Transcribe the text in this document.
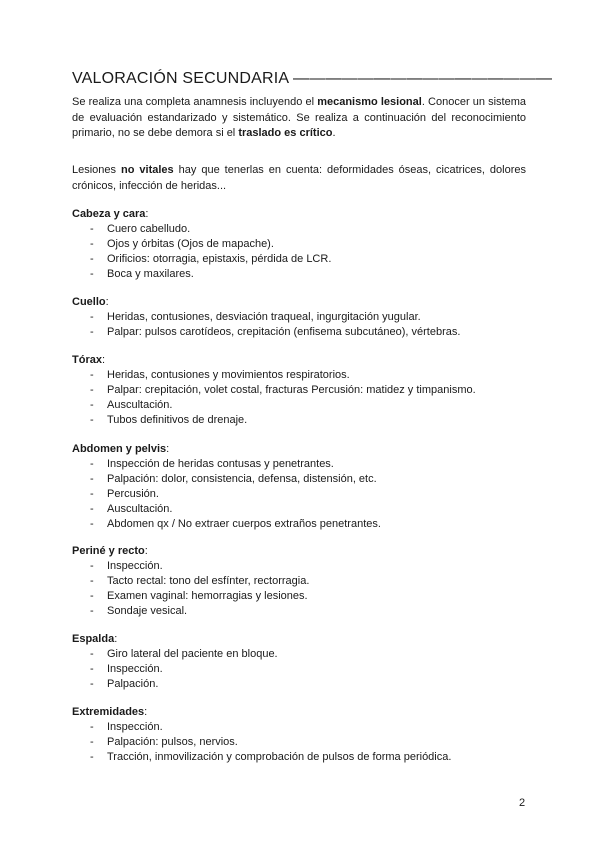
VALORACIÓN SECUNDARIA ————————————————

Se realiza una completa anamnesis incluyendo el mecanismo lesional. Conocer un sistema de evaluación estandarizado y sistemático. Se realiza a continuación del reconocimiento primario, no se debe demora si el traslado es crítico.

Lesiones no vitales hay que tenerlas en cuenta: deformidades óseas, cicatrices, dolores crónicos, infección de heridas...

Cabeza y cara:
- Cuero cabelludo.
- Ojos y órbitas (Ojos de mapache).
- Orificios: otorragia, epistaxis, pérdida de LCR.
- Boca y maxilares.
Cuello:
- Heridas, contusiones, desviación traqueal, ingurgitación yugular.
- Palpar: pulsos carotídeos, crepitación (enfisema subcutáneo), vértebras.
Tórax:
- Heridas, contusiones y movimientos respiratorios.
- Palpar: crepitación, volet costal, fracturas Percusión: matidez y timpanismo.
- Auscultación.
- Tubos definitivos de drenaje.
Abdomen y pelvis:
- Inspección de heridas contusas y penetrantes.
- Palpación: dolor, consistencia, defensa, distensión, etc.
- Percusión.
- Auscultación.
- Abdomen qx / No extraer cuerpos extraños penetrantes.
Periné y recto:
- Inspección.
- Tacto rectal: tono del esfínter, rectorragia.
- Examen vaginal: hemorragias y lesiones.
- Sondaje vesical.
Espalda:
- Giro lateral del paciente en bloque.
- Inspección.
- Palpación.
Extremidades:
- Inspección.
- Palpación: pulsos, nervios.
- Tracción, inmovilización y comprobación de pulsos de forma periódica.
2
